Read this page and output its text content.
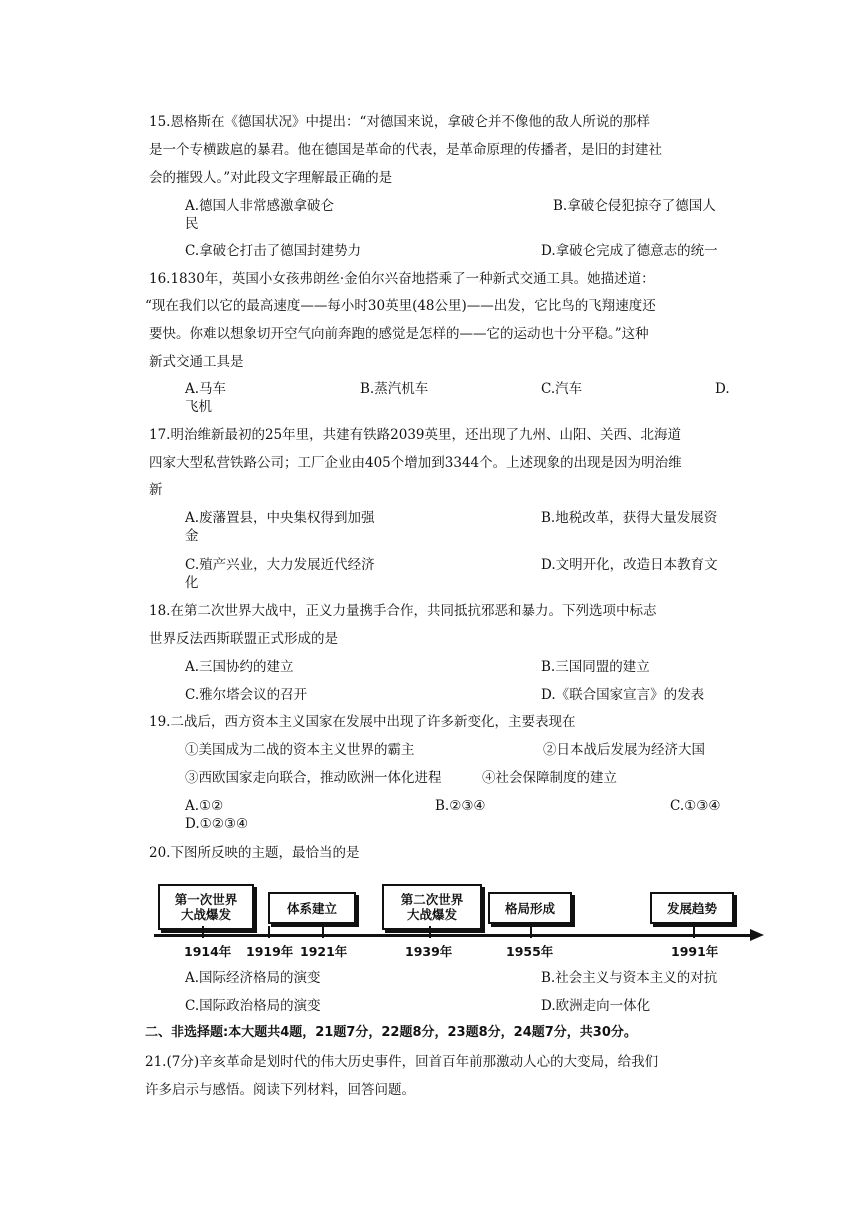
15.恩格斯在《德国状况》中提出：“对德国来说，拿破仑并不像他的敌人所说的那样
是一个专横跋扈的暴君。他在德国是革命的代表，是革命原理的传播者，是旧的封建社
会的摧毁人。”对此段文字理解最正确的是
A.德国人非常感激拿破仑	B.拿破仑侵犯掠夺了德国人
民
C.拿破仑打击了德国封建势力	D.拿破仑完成了德意志的统一
16.1830年，英国小女孩弗朗丝·金伯尔兴奋地搭乘了一种新式交通工具。她描述道：
“现在我们以它的最高速度——每小时30英里(48公里)——出发，它比鸟的飞翔速度还
要快。你难以想象切开空气向前奔跑的感觉是怎样的——它的运动也十分平稳。”这种
新式交通工具是
A.马车	B.蒸汽机车	C.汽车	D.
飞机
17.明治维新最初的25年里，共建有铁路2039英里，还出现了九州、山阳、关西、北海道
四家大型私营铁路公司；工厂企业由405个增加到3344个。上述现象的出现是因为明治维
新
A.废藩置县，中央集权得到加强	B.地税改革，获得大量发展资
金
C.殖产兴业，大力发展近代经济	D.文明开化，改造日本教育文
化
18.在第二次世界大战中，正义力量携手合作，共同抵抗邪恶和暴力。下列选项中标志
世界反法西斯联盟正式形成的是
A.三国协约的建立	B.三国同盟的建立
C.雅尔塔会议的召开	D.《联合国家宣言》的发表
19.二战后，西方资本主义国家在发展中出现了许多新变化，主要表现在
①美国成为二战的资本主义世界的霸主	②日本战后发展为经济大国
③西欧国家走向联合，推动欧洲一体化进程	④社会保障制度的建立
A.①②	B.②③④	C.①③④
D.①②③④
20.下图所反映的主题，最恰当的是
第一次世界
大战爆发	体系建立
第二次世界
大战爆发	格局形成	发展趋势
1914年 1919年 1921年	1939年	1955年	1991年
A.国际经济格局的演变	B.社会主义与资本主义的对抗
C.国际政治格局的演变	D.欧洲走向一体化
二、非选择题:本大题共4题，21题7分，22题8分，23题8分，24题7分，共30分。
21.(7分)辛亥革命是划时代的伟大历史事件，回首百年前那激动人心的大变局，给我们
许多启示与感悟。阅读下列材料，回答问题。
